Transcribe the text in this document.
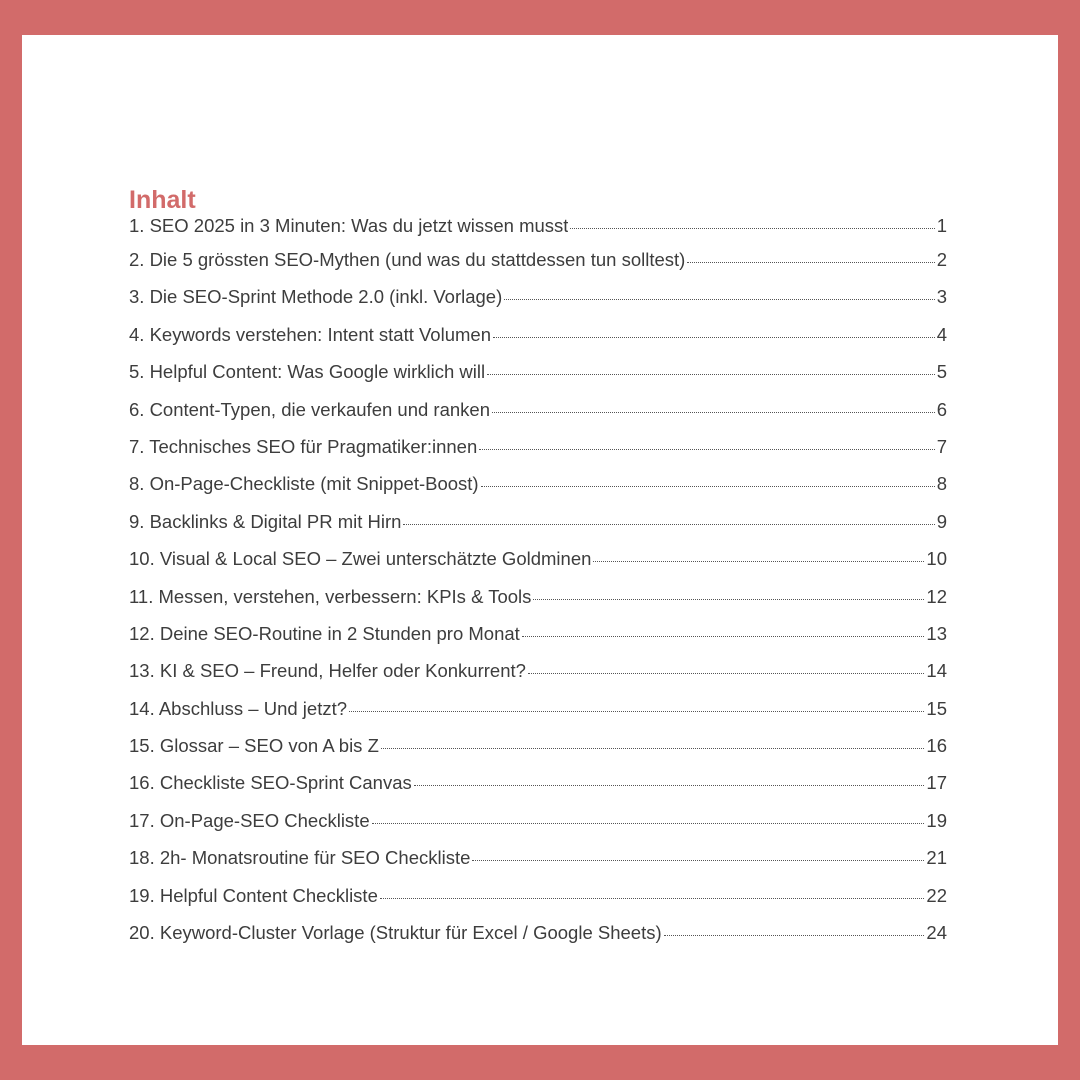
Inhalt
1. SEO 2025 in 3 Minuten: Was du jetzt wissen musst	1
2. Die 5 grössten SEO-Mythen (und was du stattdessen tun solltest)	2
3. Die SEO-Sprint Methode 2.0 (inkl. Vorlage)	3
4. Keywords verstehen: Intent statt Volumen	4
5. Helpful Content: Was Google wirklich will	5
6. Content-Typen, die verkaufen und ranken	6
7. Technisches SEO für Pragmatiker:innen	7
8. On-Page-Checkliste (mit Snippet-Boost)	8
9. Backlinks & Digital PR mit Hirn	9
10. Visual & Local SEO – Zwei unterschätzte Goldminen	10
11. Messen, verstehen, verbessern: KPIs & Tools	12
12. Deine SEO-Routine in 2 Stunden pro Monat	13
13. KI & SEO – Freund, Helfer oder Konkurrent?	14
14. Abschluss – Und jetzt?	15
15. Glossar – SEO von A bis Z	16
16. Checkliste SEO-Sprint Canvas	17
17. On-Page-SEO Checkliste	19
18. 2h- Monatsroutine für SEO Checkliste	21
19. Helpful Content Checkliste	22
20. Keyword-Cluster Vorlage (Struktur für Excel / Google Sheets)	24
